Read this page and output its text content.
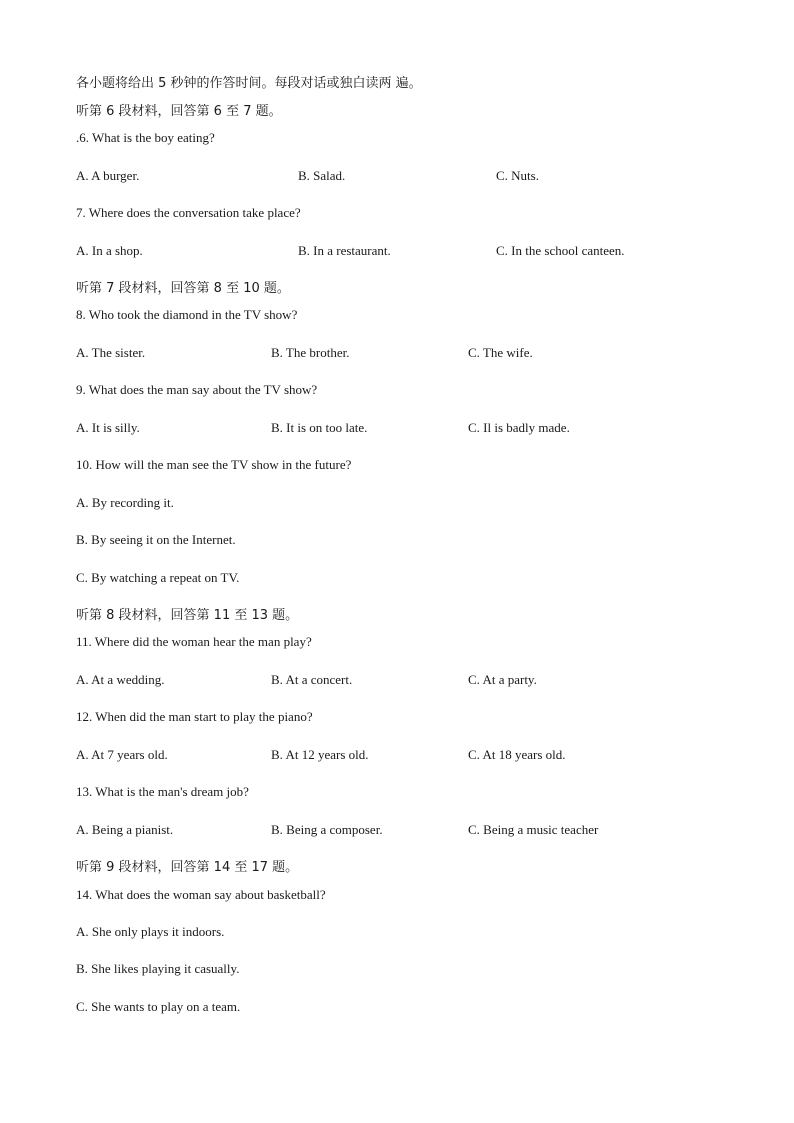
各小题将给出 5 秒钟的作答时间。每段对话或独白读两 遍。
听第 6 段材料，回答第 6 至 7 题。
.6. What is the boy eating?
A. A burger.	B. Salad.	C. Nuts.
7. Where does the conversation take place?
A. In a shop.	B. In a restaurant.	C. In the school canteen.
听第 7 段材料，回答第 8 至 10 题。
8. Who took the diamond in the TV show?
A. The sister.	B. The brother.	C. The wife.
9. What does the man say about the TV show?
A. It is silly.	B. It is on too late.	C. Il is badly made.
10. How will the man see the TV show in the future?
A. By recording it.
B. By seeing it on the Internet.
C. By watching a repeat on TV.
听第 8 段材料，回答第 11 至 13 题。
11. Where did the woman hear the man play?
A. At a wedding.	B. At a concert.	C. At a party.
12. When did the man start to play the piano?
A. At 7 years old.	B. At 12 years old.	C. At 18 years old.
13. What is the man's dream job?
A. Being a pianist.	B. Being a composer.	C. Being a music teacher
听第 9 段材料，回答第 14 至 17 题。
14. What does the woman say about basketball?
A. She only plays it indoors.
B. She likes playing it casually.
C. She wants to play on a team.
